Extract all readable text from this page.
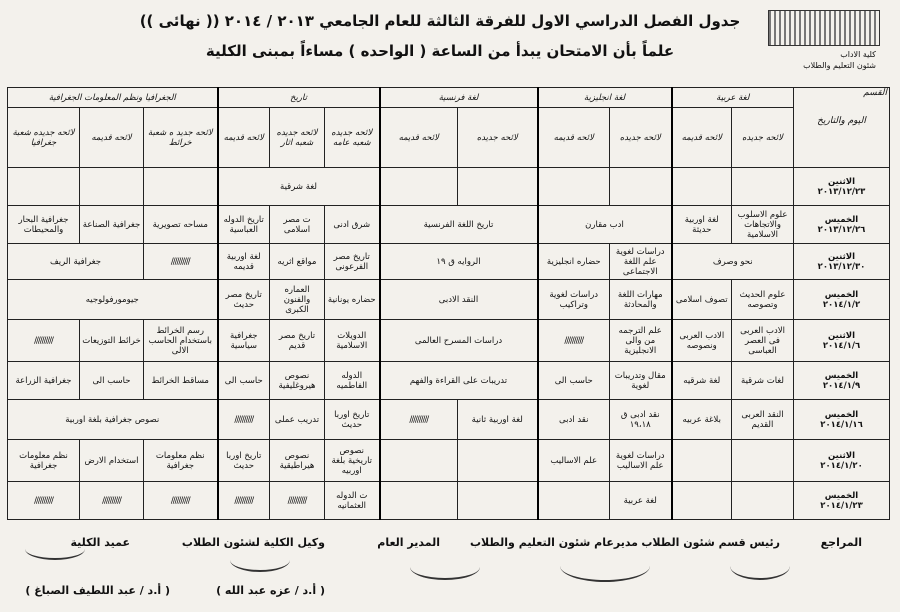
كلية الاداب
شئون التعليم والطلاب
جدول الفصل الدراسي الاول للفرقة الثالثة للعام الجامعي ٢٠١٣ / ٢٠١٤ (( نهائى ))
علماً بأن الامتحان يبدأ من الساعة ( الواحده ) مساءاً بمبنى الكلية
القسم
اليوم والتاريخ	لغة عربية		لغة انجليزية		لغة فرنسية		تاريخ			الجغرافيا ونظم المعلومات الجغرافية		
	لائحه جديده	لائحه قديمه	لائحه جديده	لائحه قديمه	لائحه جديده	لائحه قديمه	لائحه جديده شعبه عامه	لائحه جديده شعبه اثار	لائحه قديمه	لائحه جديد ه شعبة خرائط	لائحه قديمه	لائحه جديده شعبة جغرافيا

الاثنين
٢٠١٣/١٢/٢٣							لغة شرقية					

الخميس
٢٠١٣/١٢/٢٦	علوم الاسلوب والاتجاهات الاسلامية	لغة اوربية حديثة	ادب مقارن		تاريخ اللغة الفرنسية		شرق ادنى	ت مصر اسلامى	تاريخ الدوله العباسية	مساحه تصويرية	جغرافية الصناعة	جغرافية البحار والمحيطات

الاثنين
٢٠١٣/١٢/٣٠	نحو وصرف		دراسات لغوية علم اللغة الاجتماعى	حضاره انجليزية	الروايه ق ١٩		تاريخ مصر الفرعونى	مواقع اثريه	لغة اوربية قديمه	//////////	جغرافية الريف	

الخميس
٢٠١٤/١/٢	علوم الحديث وتصوصه	تصوف اسلامى	مهارات اللغة والمحادثة	دراسات لغوية وتراكيب	النقد الادبى		حضاره يونانية	العماره والفنون الكبرى	تاريخ مصر حديث	جيومورفولوجيه		

الاثنين
٢٠١٤/١/٦	الادب العربى فى العصر العباسى	الادب العربى ونصوصه	علم الترجمه من والى الانجليزية	//////////	دراسات المسرح العالمى		الدويلات الاسلامية	تاريخ مصر قديم	جغرافية سياسية	رسم الخرائط باستخدام الحاسب الالى	خرائط التوزيعات	//////////

الخميس
٢٠١٤/١/٩	لغات شرقية	لغة شرقيه	مقال وتدريبات لغوية	حاسب الى	تدريبات على القراءة والفهم		الدوله الفاطميه	نصوص هيروغليفية	حاسب الى	مساقط الخرائط	حاسب الى	جغرافية الزراعة

الخميس
٢٠١٤/١/١٦	النقد العربى القديم	بلاغة عربيه	نقد ادبى ق ١٩،١٨	نقد ادبى	لغة اوربية ثانية	//////////	تاريخ اوربا حديث	تدريب عملى	//////////	نصوص جغرافية بلغة اوربية		

الاثنين
٢٠١٤/١/٢٠			دراسات لغوية علم الاساليب	علم الاساليب			نصوص تاريخية بلغة اوربيه	نصوص هيراطيقية	تاريخ اوربا حديث	نظم معلومات جغرافية	استخدام الارض	نظم معلومات جغرافية

الخميس
٢٠١٤/١/٢٣			لغة عربية				ت الدوله العثمانيه	//////////	//////////	//////////	//////////	//////////
المراجع
رئيس قسم شئون الطلاب
مديرعام شئون التعليم والطلاب
المدير العام
وكيل الكلية لشئون الطلاب
عميد الكلية
( أ.د / عزه عبد الله )
( أ.د / عبد اللطيف الصباغ )
